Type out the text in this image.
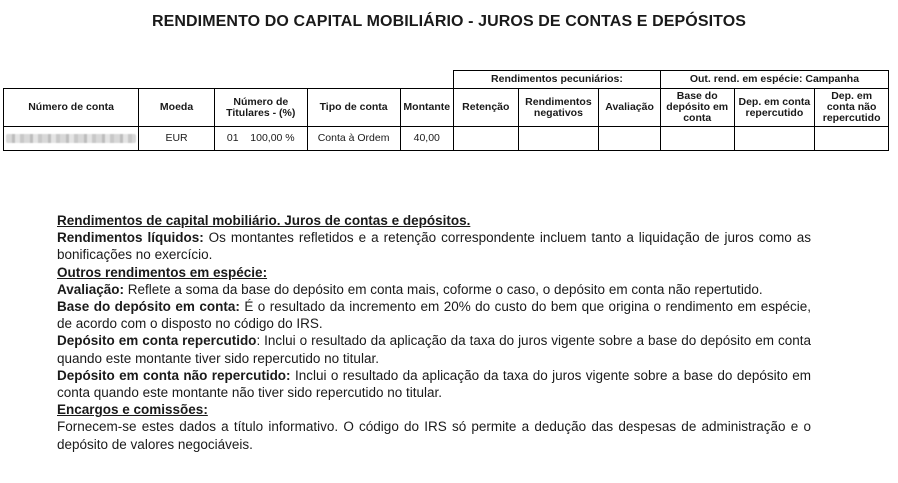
RENDIMENTO DO CAPITAL MOBILIÁRIO - JUROS DE CONTAS E DEPÓSITOS
					Rendimentos pecuniários:			Out. rend. em espécie: Campanha		
Número de conta	Moeda	Número de Titulares - (%)	Tipo de conta	Montante	Retenção	Rendimentos negativos	Avaliação	Base do depósito em conta	Dep. em conta repercutido	Dep. em conta não repercutido
	EUR	01 100,00 %	Conta à Ordem	40,00						

Rendimentos de capital mobiliário. Juros de contas e depósitos.

Rendimentos líquidos: Os montantes refletidos e a retenção correspondente incluem tanto a liquidação de juros como as bonificações no exercício.

Outros rendimentos em espécie:

Avaliação: Reflete a soma da base do depósito em conta mais, coforme o caso, o depósito em conta não repertutido.

Base do depósito em conta: É o resultado da incremento em 20% do custo do bem que origina o rendimento em espécie, de acordo com o disposto no código do IRS.

Depósito em conta repercutido: Inclui o resultado da aplicação da taxa do juros vigente sobre a base do depósito em conta quando este montante tiver sido repercutido no titular.

Depósito em conta não repercutido: Inclui o resultado da aplicação da taxa do juros vigente sobre a base do depósito em conta quando este montante não tiver sido repercutido no titular.

Encargos e comissões:

Fornecem-se estes dados a título informativo. O código do IRS só permite a dedução das despesas de administração e o depósito de valores negociáveis.
